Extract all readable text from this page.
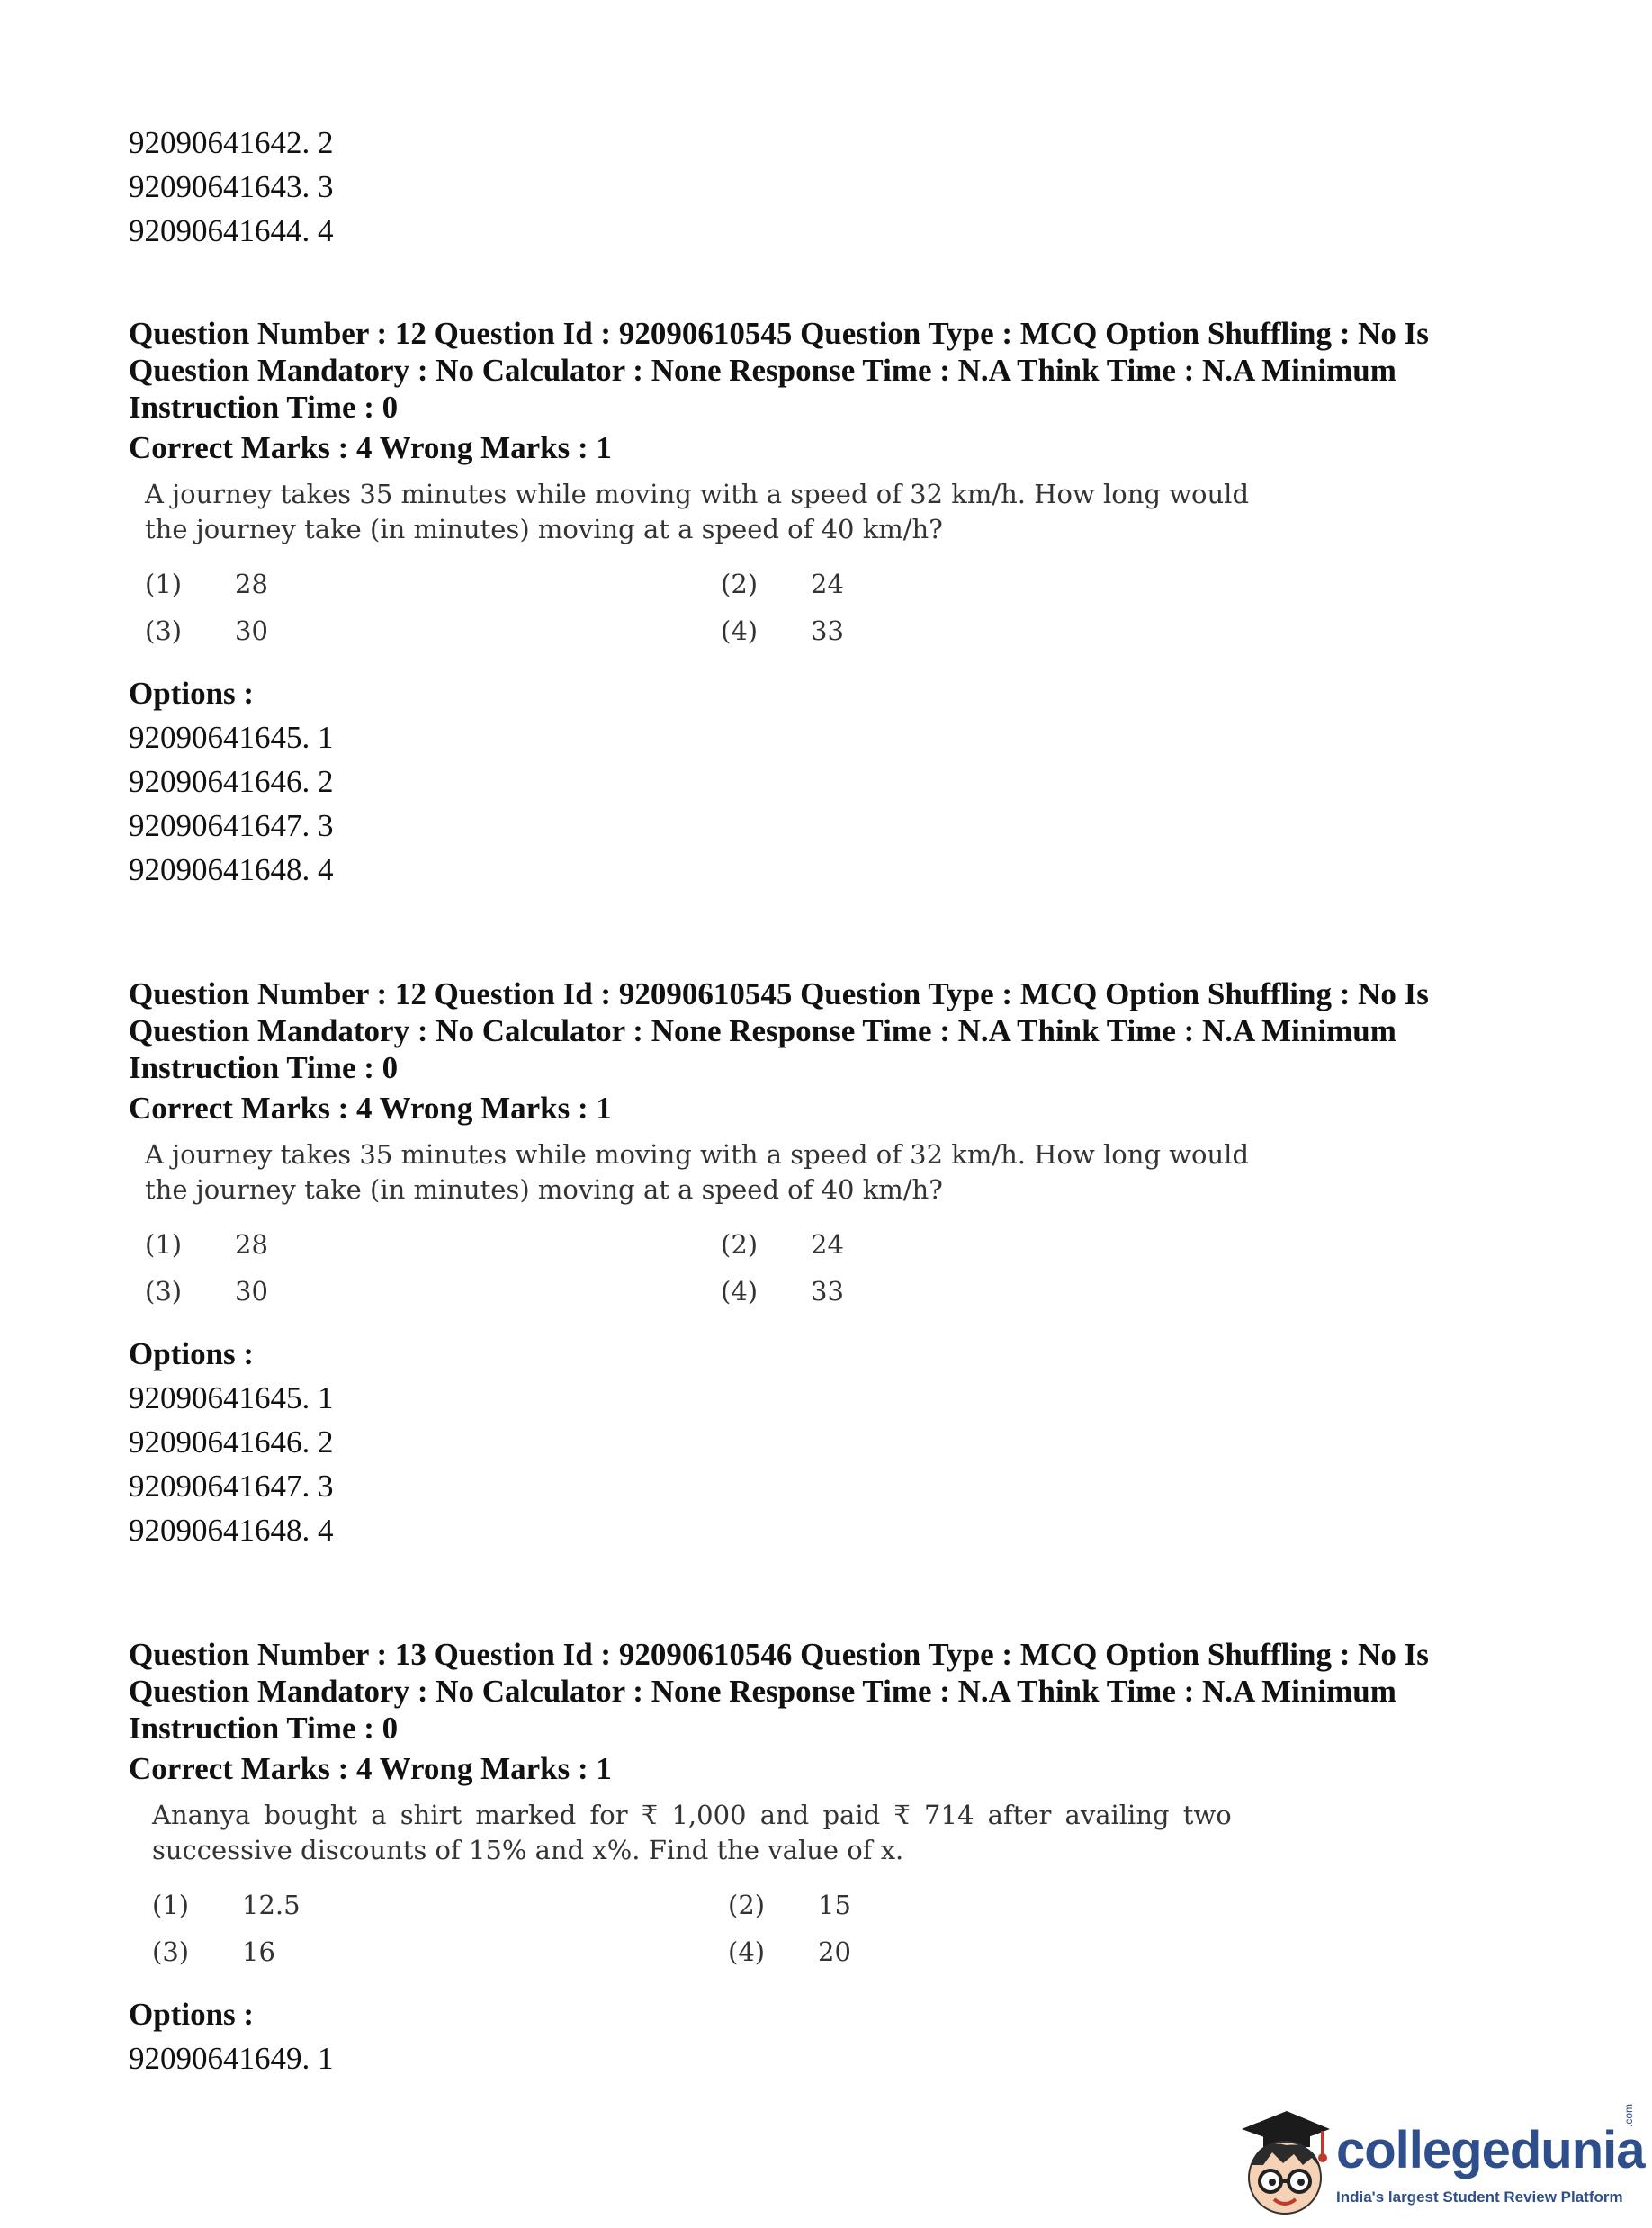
92090641642. 2
92090641643. 3
92090641644. 4
Question Number : 12 Question Id : 92090610545 Question Type : MCQ Option Shuffling : No Is
Question Mandatory : No Calculator : None Response Time : N.A Think Time : N.A Minimum
Instruction Time : 0
Correct Marks : 4 Wrong Marks : 1
A journey takes 35 minutes while moving with a speed of 32 km/h. How long would
the journey take (in minutes) moving at a speed of 40 km/h?
(1)	28	(2)	24
(3)	30	(4)	33
Options :
92090641645. 1
92090641646. 2
92090641647. 3
92090641648. 4
Question Number : 12 Question Id : 92090610545 Question Type : MCQ Option Shuffling : No Is
Question Mandatory : No Calculator : None Response Time : N.A Think Time : N.A Minimum
Instruction Time : 0
Correct Marks : 4 Wrong Marks : 1
A journey takes 35 minutes while moving with a speed of 32 km/h. How long would
the journey take (in minutes) moving at a speed of 40 km/h?
(1)	28	(2)	24
(3)	30	(4)	33
Options :
92090641645. 1
92090641646. 2
92090641647. 3
92090641648. 4
Question Number : 13 Question Id : 92090610546 Question Type : MCQ Option Shuffling : No Is
Question Mandatory : No Calculator : None Response Time : N.A Think Time : N.A Minimum
Instruction Time : 0
Correct Marks : 4 Wrong Marks : 1
Ananya bought a shirt marked for ₹ 1,000 and paid ₹ 714 after availing two
successive discounts of 15% and x%. Find the value of x.
(1)	12.5	(2)	15
(3)	16	(4)	20
Options :
92090641649. 1
collegedunia
.com
India's largest Student Review Platform
